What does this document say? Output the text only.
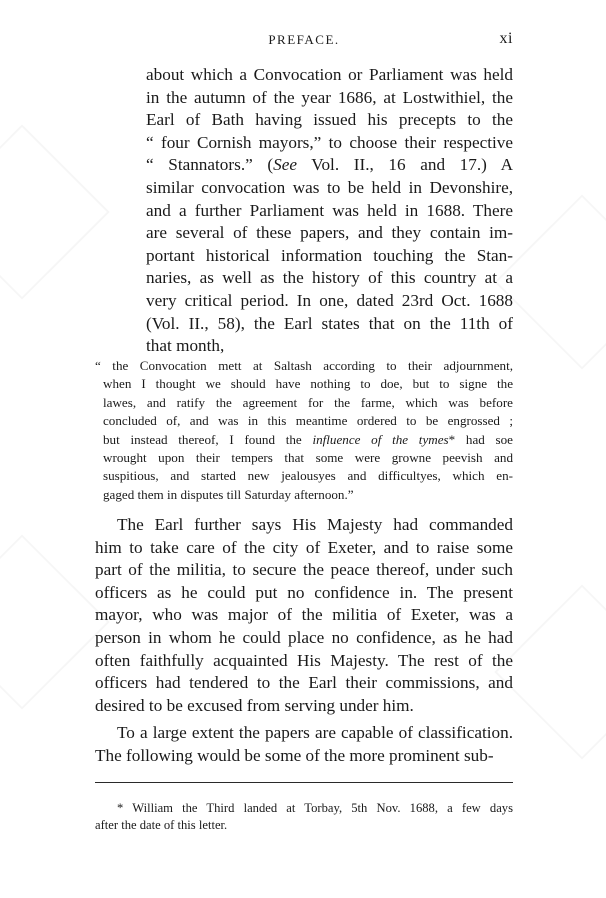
PREFACE.	xi
about which a Convocation or Parliament was held
in the autumn of the year 1686, at Lostwithiel, the
Earl of Bath having issued his precepts to the
“ four Cornish mayors,” to choose their respective
“ Stannators.” (See Vol. II., 16 and 17.) A
similar convocation was to be held in Devonshire,
and a further Parliament was held in 1688. There
are several of these papers, and they contain im-
portant historical information touching the Stan-
naries, as well as the history of this country at a
very critical period. In one, dated 23rd Oct. 1688
(Vol. II., 58), the Earl states that on the 11th of
that month,
“ the Convocation mett at Saltash according to their adjournment,
when I thought we should have nothing to doe, but to signe the
lawes, and ratify the agreement for the farme, which was before
concluded of, and was in this meantime ordered to be engrossed ;
but instead thereof, I found the influence of the tymes* had soe
wrought upon their tempers that some were growne peevish and
suspitious, and started new jealousyes and difficultyes, which en-
gaged them in disputes till Saturday afternoon.”
The Earl further says His Majesty had commanded
him to take care of the city of Exeter, and to raise some
part of the militia, to secure the peace thereof, under such
officers as he could put no confidence in. The present
mayor, who was major of the militia of Exeter, was a
person in whom he could place no confidence, as he had
often faithfully acquainted His Majesty. The rest of the
officers had tendered to the Earl their commissions, and
desired to be excused from serving under him.
To a large extent the papers are capable of classification.
The following would be some of the more prominent sub-
* William the Third landed at Torbay, 5th Nov. 1688, a few days
after the date of this letter.
